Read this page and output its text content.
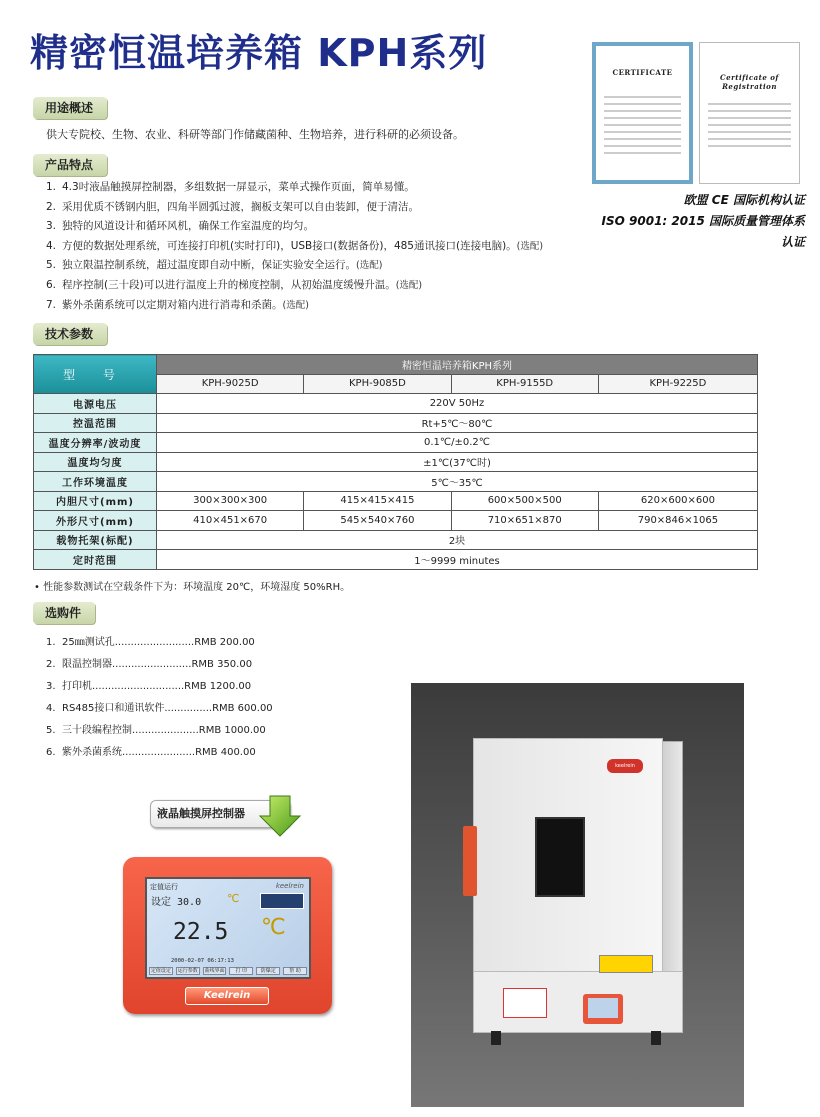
精密恒温培养箱 KPH系列	CERTIFICATE
Certificate of Registration
欧盟 CE 国际机构认证
ISO 9001: 2015 国际质量管理体系认证
用途概述
供大专院校、生物、农业、科研等部门作储藏菌种、生物培养，进行科研的必须设备。
产品特点
1. 4.3吋液晶触摸屏控制器，多组数据一屏显示，菜单式操作页面，简单易懂。
2. 采用优质不锈钢内胆，四角半圆弧过渡，搁板支架可以自由装卸，便于清洁。
3. 独特的风道设计和循环风机，确保工作室温度的均匀。
4. 方便的数据处理系统，可连接打印机(实时打印)，USB接口(数据备份)，485通讯接口(连接电脑)。 (选配)
5. 独立限温控制系统，超过温度即自动中断，保证实验安全运行。 (选配)
6. 程序控制(三十段)可以进行温度上升的梯度控制，从初始温度缓慢升温。 (选配)
7. 紫外杀菌系统可以定期对箱内进行消毒和杀菌。 (选配)
技术参数
型 号	精密恒温培养箱KPH系列			
	KPH-9025D	KPH-9085D	KPH-9155D	KPH-9225D
电源电压	220V 50Hz			
控温范围	Rt+5℃～80℃			
温度分辨率/波动度	0.1℃/±0.2℃			
温度均匀度	±1℃(37℃时)			
工作环境温度	5℃～35℃			
内胆尺寸(mm)	300×300×300	415×415×415	600×500×500	620×600×600
外形尺寸(mm)	410×451×670	545×540×760	710×651×870	790×846×1065
载物托架(标配)	2块			
定时范围	1～9999 minutes			
• 性能参数测试在空载条件下为：环境温度 20℃，环境湿度 50%RH。
选购件
1. 25㎜测试孔.........................RMB 200.00
2. 限温控制器.........................RMB 350.00
3. 打印机.............................RMB 1200.00
4. RS485接口和通讯软件...............RMB 600.00
5. 三十段编程控制.....................RMB 1000.00
6. 紫外杀菌系统.......................RMB 400.00
液晶触摸屏控制器
定值运行	keelrein
设定 30.0 ℃
22.5 ℃
2000-02-07 06:17:13
定值设定	运行参数	曲线界面	打 印	防爆定	帮 助
Keelrein
keelrein
